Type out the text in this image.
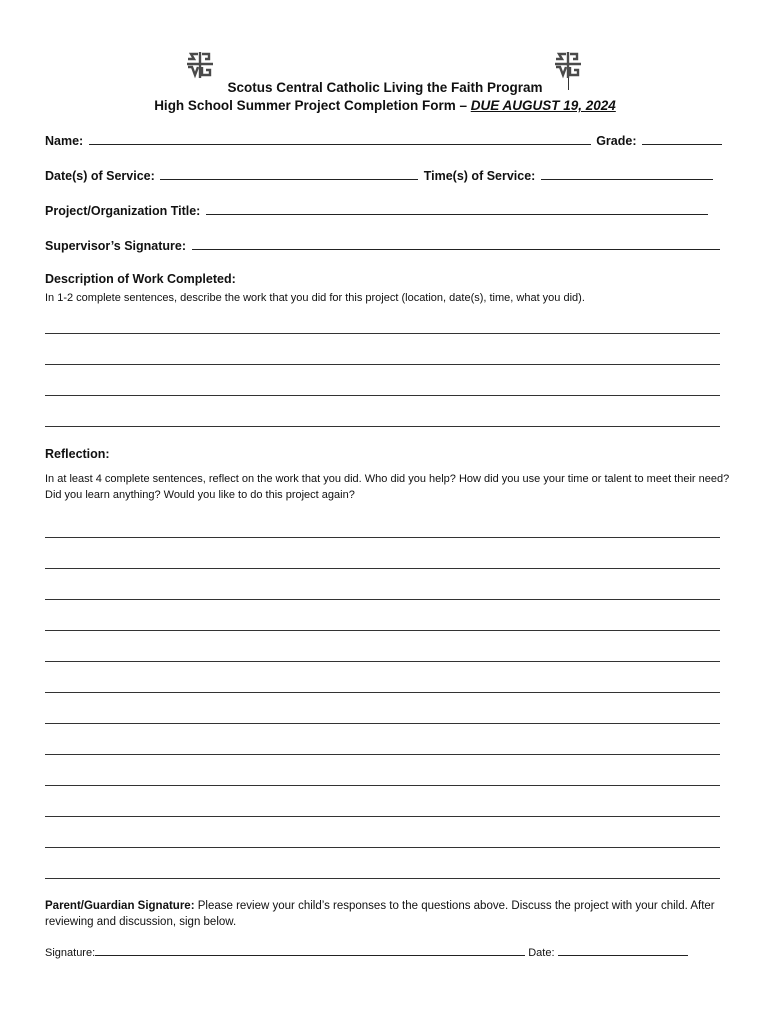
Scotus Central Catholic Living the Faith Program
High School Summer Project Completion Form – DUE AUGUST 19, 2024
Name:	Grade:
Date(s) of Service:	Time(s) of Service:
Project/Organization Title:
Supervisor’s Signature:
Description of Work Completed:
In 1-2 complete sentences, describe the work that you did for this project (location, date(s), time, what you did).
Reflection:
In at least 4 complete sentences, reflect on the work that you did. Who did you help? How did you use your time or talent to meet their need? Did you learn anything? Would you like to do this project again?
Parent/Guardian Signature: Please review your child’s responses to the questions above. Discuss the project with your child. After reviewing and discussion, sign below.
Signature:	Date:
